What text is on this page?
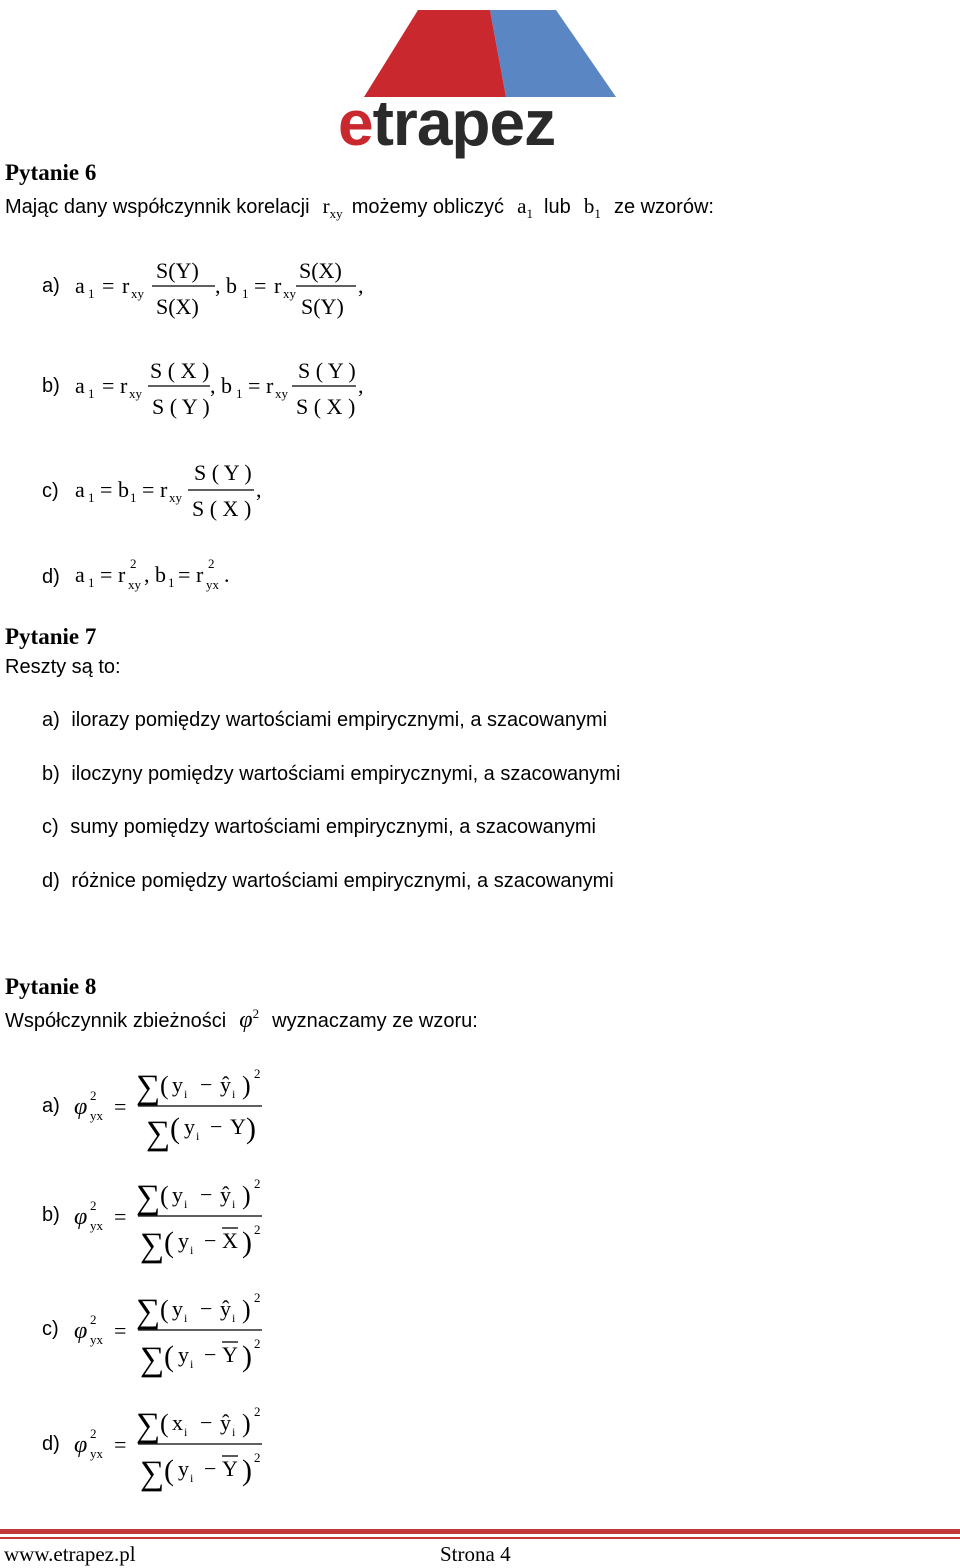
etrapez
Pytanie 6
Mając dany współczynnik korelacji $r_{xy}$ możemy obliczyć $a_1$ lub $b_1$ ze wzorów:
a) a 1 = r xy
S(Y)
S(X)
, b 1 = r xy
S(X)
S(Y)
,
b) a 1 = r xy
S ( X )
S ( Y )
, b 1 = r xy
S ( Y )
S ( X )
,
c) a 1 = b 1 = r xy
S ( Y )
S ( X )
,
d) a 1 = r xy
2 , b 1 = r yx
2 .
Pytanie 7
Reszty są to:
a) ilorazy pomiędzy wartościami empirycznymi, a szacowanymi
b) iloczyny pomiędzy wartościami empirycznymi, a szacowanymi
c) sumy pomiędzy wartościami empirycznymi, a szacowanymi
d) różnice pomiędzy wartościami empirycznymi, a szacowanymi
Pytanie 8
Współczynnik zbieżności $\varphi^2$ wyznaczamy ze wzoru:
a) φ 2
yx =
∑ ( y i − ŷ i ) 2
∑ ( y i − Y )
b) φ 2
yx =
∑ ( y i − ŷ i ) 2
∑ ( y i − X ) 2
c) φ 2
yx =
∑ ( y i − ŷ i ) 2
∑ ( y i − Y ) 2
d) φ 2
yx =
∑ ( x i − ŷ i ) 2
∑ ( y i − Y ) 2
www.etrapez.pl	Strona 4
